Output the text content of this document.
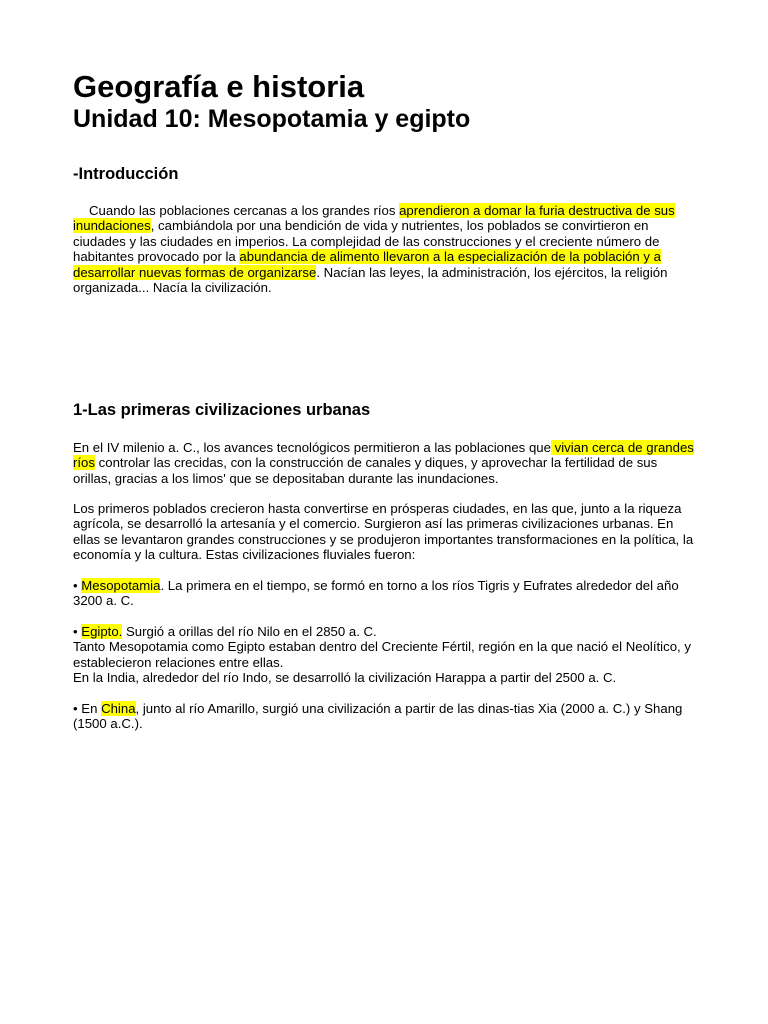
Geografía e historia
Unidad 10: Mesopotamia y egipto
-Introducción

Cuando las poblaciones cercanas a los grandes ríos aprendieron a domar la furia destructiva de sus inundaciones, cambiándola por una bendición de vida y nutrientes, los poblados se convirtieron en ciudades y las ciudades en imperios. La complejidad de las construcciones y el creciente número de habitantes provocado por la abundancia de alimento llevaron a la especialización de la población y a desarrollar nuevas formas de organizarse. Nacían las leyes, la administración, los ejércitos, la religión organizada... Nacía la civilización.

1-Las primeras civilizaciones urbanas

En el IV milenio a. C., los avances tecnológicos permitieron a las poblaciones que vivian cerca de grandes ríos controlar las crecidas, con la construcción de canales y diques, y aprovechar la fertilidad de sus orillas, gracias a los limos' que se depositaban durante las inundaciones.

Los primeros poblados crecieron hasta convertirse en prósperas ciudades, en las que, junto a la riqueza agrícola, se desarrolló la artesanía y el comercio. Surgieron así las primeras civilizaciones urbanas. En ellas se levantaron grandes construcciones y se produjeron importantes transformaciones en la política, la economía y la cultura. Estas civilizaciones fluviales fueron:

• Mesopotamia. La primera en el tiempo, se formó en torno a los ríos Tigris y Eufrates alrededor del año 3200 a. C.

• Egipto. Surgió a orillas del río Nilo en el 2850 a. C.

Tanto Mesopotamia como Egipto estaban dentro del Creciente Fértil, región en la que nació el Neolítico, y establecieron relaciones entre ellas.

En la India, alrededor del río Indo, se desarrolló la civilización Harappa a partir del 2500 a. C.

• En China, junto al río Amarillo, surgió una civilización a partir de las dinas-tias Xia (2000 a. C.) y Shang (1500 a.C.).
